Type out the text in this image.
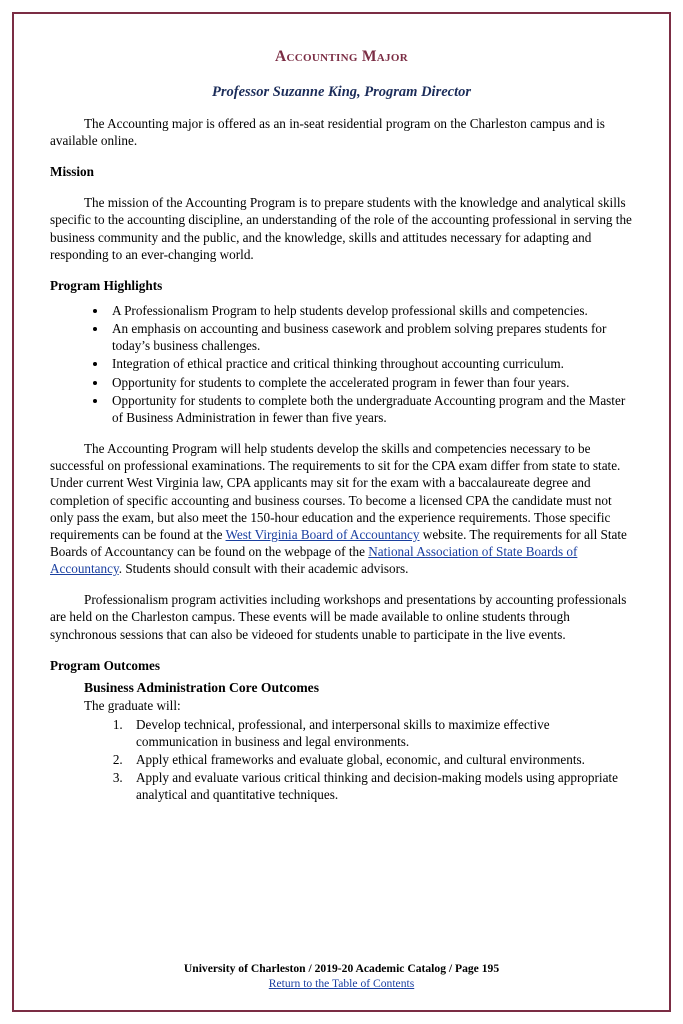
Accounting Major
Professor Suzanne King, Program Director

The Accounting major is offered as an in-seat residential program on the Charleston campus and is available online.

Mission

The mission of the Accounting Program is to prepare students with the knowledge and analytical skills specific to the accounting discipline, an understanding of the role of the accounting professional in serving the business community and the public, and the knowledge, skills and attitudes necessary for adapting and responding to an ever-changing world.

Program Highlights
• A Professionalism Program to help students develop professional skills and competencies.
• An emphasis on accounting and business casework and problem solving prepares students for today’s business challenges.
• Integration of ethical practice and critical thinking throughout accounting curriculum.
• Opportunity for students to complete the accelerated program in fewer than four years.
• Opportunity for students to complete both the undergraduate Accounting program and the Master of Business Administration in fewer than five years.

The Accounting Program will help students develop the skills and competencies necessary to be successful on professional examinations. The requirements to sit for the CPA exam differ from state to state. Under current West Virginia law, CPA applicants may sit for the exam with a baccalaureate degree and completion of specific accounting and business courses. To become a licensed CPA the candidate must not only pass the exam, but also meet the 150-hour education and the experience requirements. Those specific requirements can be found at the West Virginia Board of Accountancy website. The requirements for all State Boards of Accountancy can be found on the webpage of the National Association of State Boards of Accountancy. Students should consult with their academic advisors.

Professionalism program activities including workshops and presentations by accounting professionals are held on the Charleston campus. These events will be made available to online students through synchronous sessions that can also be videoed for students unable to participate in the live events.

Program Outcomes
Business Administration Core Outcomes

The graduate will:

1. Develop technical, professional, and interpersonal skills to maximize effective communication in business and legal environments.
2. Apply ethical frameworks and evaluate global, economic, and cultural environments.
3. Apply and evaluate various critical thinking and decision-making models using appropriate analytical and quantitative techniques.
University of Charleston / 2019-20 Academic Catalog / Page 195
Return to the Table of Contents
